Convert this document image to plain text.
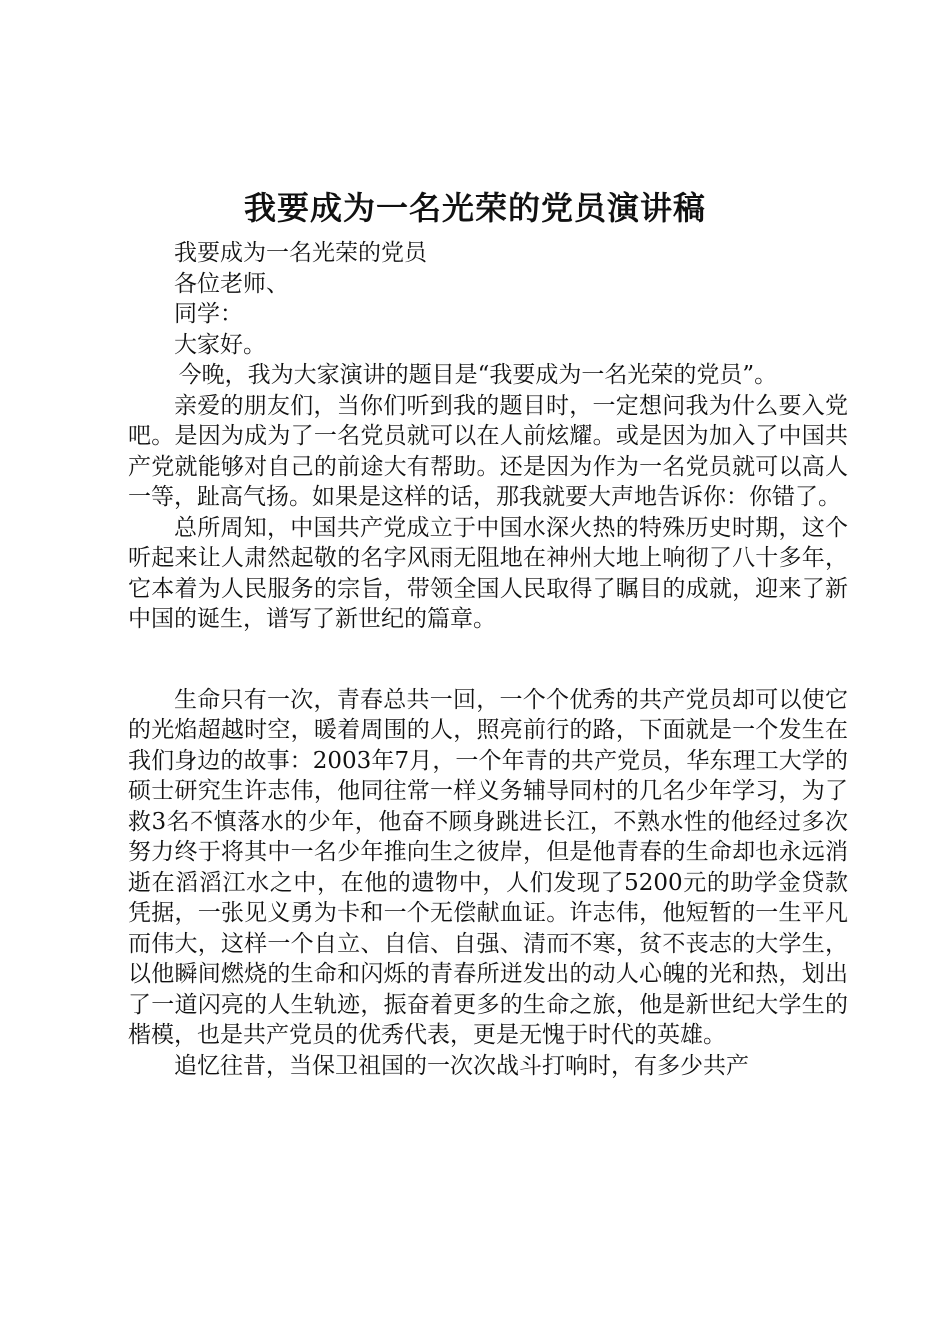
我要成为一名光荣的党员演讲稿

我要成为一名光荣的党员

各位老师、

同学：

大家好。

今晚，我为大家演讲的题目是“我要成为一名光荣的党员”。

亲爱的朋友们，当你们听到我的题目时，一定想问我为什么要入党吧。是因为成为了一名党员就可以在人前炫耀。或是因为加入了中国共产党就能够对自己的前途大有帮助。还是因为作为一名党员就可以高人一等，趾高气扬。如果是这样的话，那我就要大声地告诉你：你错了。

总所周知，中国共产党成立于中国水深火热的特殊历史时期，这个听起来让人肃然起敬的名字风雨无阻地在神州大地上响彻了八十多年，它本着为人民服务的宗旨，带领全国人民取得了瞩目的成就，迎来了新中国的诞生，谱写了新世纪的篇章。

生命只有一次，青春总共一回，一个个优秀的共产党员却可以使它的光焰超越时空，暖着周围的人，照亮前行的路，下面就是一个发生在我们身边的故事：2003年7月，一个年青的共产党员，华东理工大学的硕士研究生许志伟，他同往常一样义务辅导同村的几名少年学习，为了救3名不慎落水的少年，他奋不顾身跳进长江，不熟水性的他经过多次努力终于将其中一名少年推向生之彼岸，但是他青春的生命却也永远消逝在滔滔江水之中，在他的遗物中，人们发现了5200元的助学金贷款凭据，一张见义勇为卡和一个无偿献血证。许志伟，他短暂的一生平凡而伟大，这样一个自立、自信、自强、清而不寒，贫不丧志的大学生，以他瞬间燃烧的生命和闪烁的青春所迸发出的动人心魄的光和热，划出了一道闪亮的人生轨迹，振奋着更多的生命之旅，他是新世纪大学生的楷模，也是共产党员的优秀代表，更是无愧于时代的英雄。

追忆往昔，当保卫祖国的一次次战斗打响时，有多少共产
